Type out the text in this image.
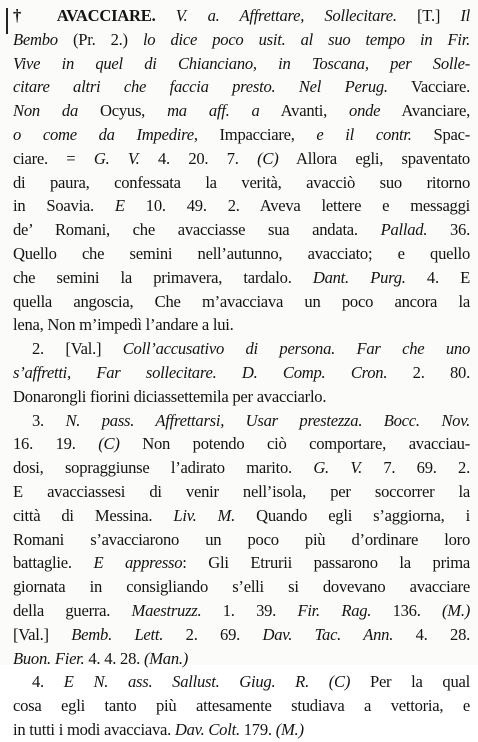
† AVACCIARE. V. a. Affrettare, Sollecitare. [T.] Il
Bembo (Pr. 2.) lo dice poco usit. al suo tempo in Fir.
Vive in quel di Chianciano, in Toscana, per Solle-
citare altri che faccia presto. Nel Perug. Vacciare.
Non da Ocyus, ma aff. a Avanti, onde Avanciare,
o come da Impedire, Impacciare, e il contr. Spac-
ciare. = G. V. 4. 20. 7. (C) Allora egli, spaventato
di paura, confessata la verità, avacciò suo ritorno
in Soavia. E 10. 49. 2. Aveva lettere e messaggi
de’ Romani, che avacciasse sua andata. Pallad. 36.
Quello che semini nell’autunno, avacciato; e quello
che semini la primavera, tardalo. Dant. Purg. 4. E
quella angoscia, Che m’avacciava un poco ancora la
lena, Non m’impedì l’andare a lui.
2. [Val.] Coll’accusativo di persona. Far che uno
s’affretti, Far sollecitare. D. Comp. Cron. 2. 80.
Donarongli fiorini diciassettemila per avacciarlo.
3. N. pass. Affrettarsi, Usar prestezza. Bocc. Nov.
16. 19. (C) Non potendo ciò comportare, avacciau-
dosi, sopraggiunse l’adirato marito. G. V. 7. 69. 2.
E avacciassesi di venir nell’isola, per soccorrer la
città di Messina. Liv. M. Quando egli s’aggiorna, i
Romani s’avacciarono un poco più d’ordinare loro
battaglie. E appresso: Gli Etrurii passarono la prima
giornata in consigliando s’elli si dovevano avacciare
della guerra. Maestruzz. 1. 39. Fir. Rag. 136. (M.)
[Val.] Bemb. Lett. 2. 69. Dav. Tac. Ann. 4. 28.
Buon. Fier. 4. 4. 28. (Man.)
4. E N. ass. Sallust. Giug. R. (C) Per la qual
cosa egli tanto più attesamente studiava a vettoria, e
in tutti i modi avacciava. Dav. Colt. 179. (M.)
